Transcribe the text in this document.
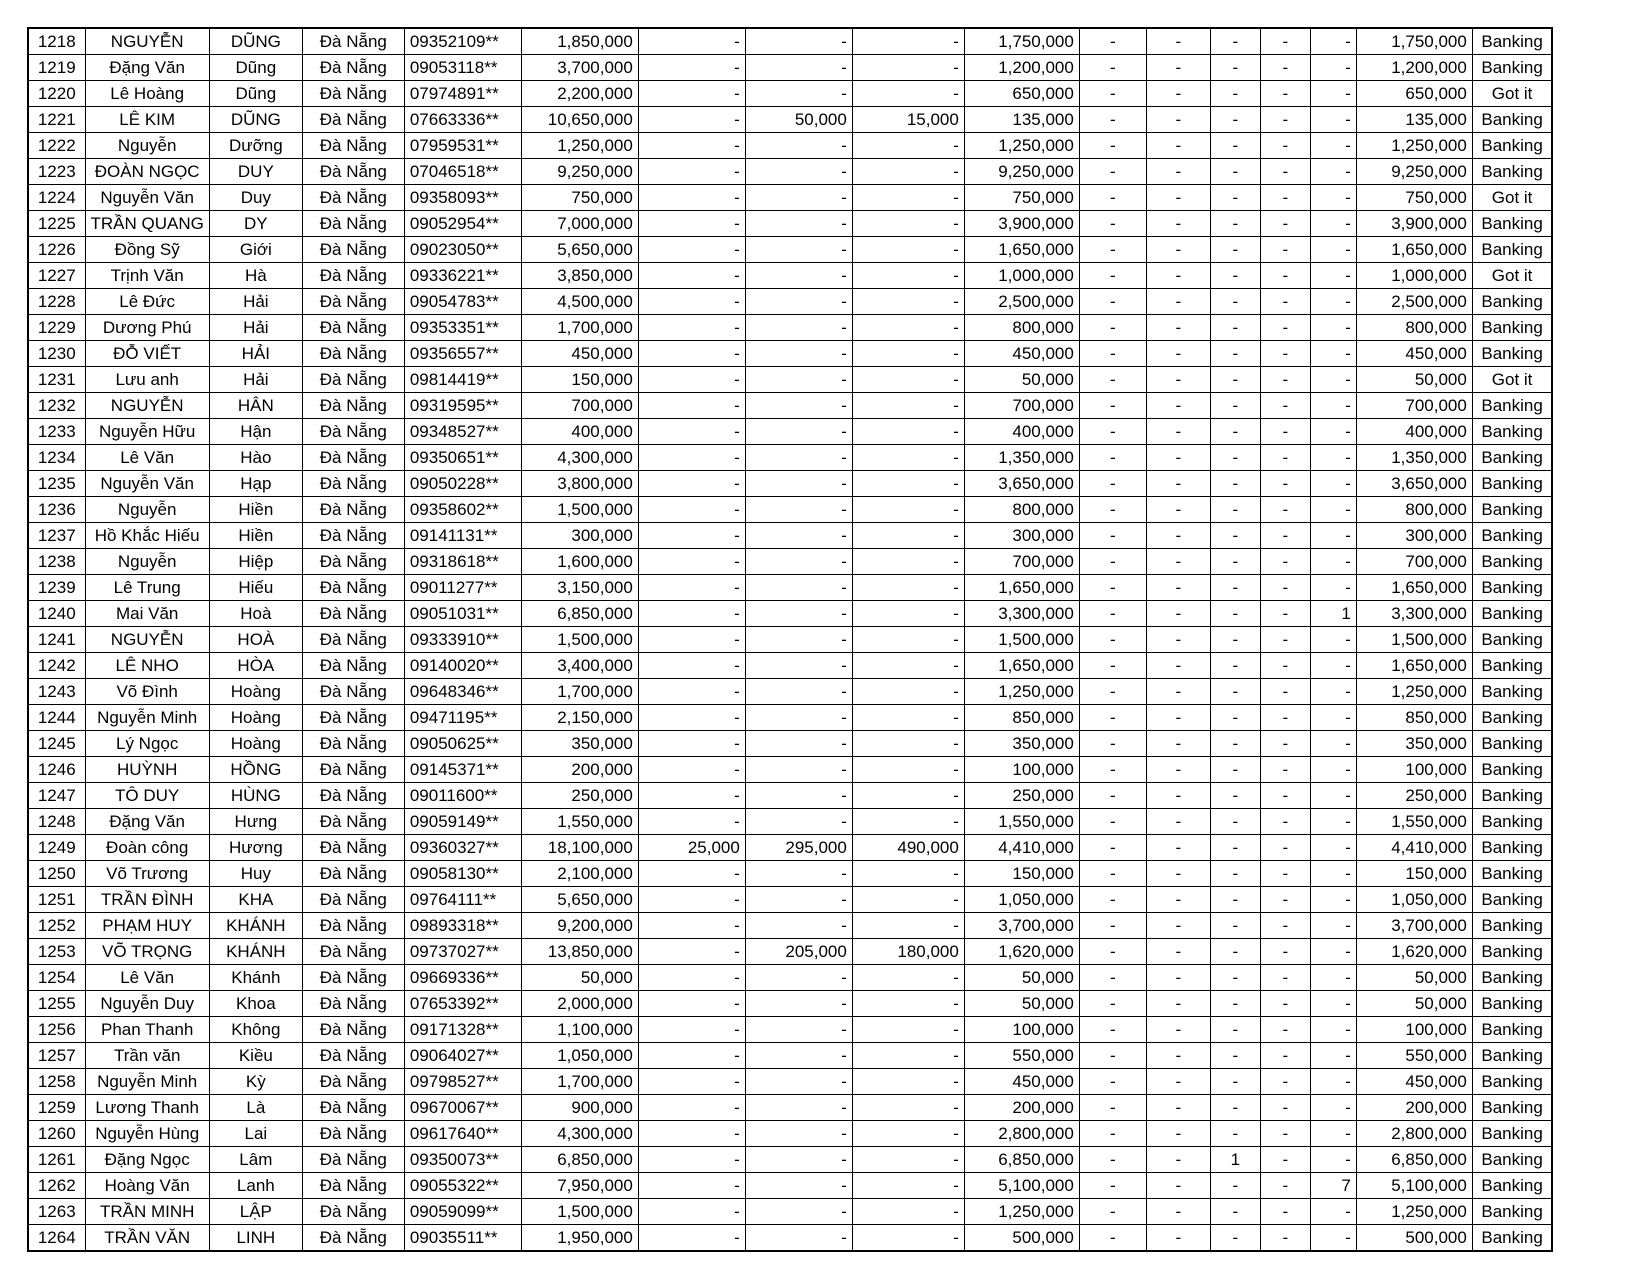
1218	NGUYỄN	DŨNG	Đà Nẵng	09352109**	1,850,000	-	-	-	1,750,000	-	-	-	-	-	1,750,000	Banking
1219	Đặng Văn	Dũng	Đà Nẵng	09053118**	3,700,000	-	-	-	1,200,000	-	-	-	-	-	1,200,000	Banking
1220	Lê Hoàng	Dũng	Đà Nẵng	07974891**	2,200,000	-	-	-	650,000	-	-	-	-	-	650,000	Got it
1221	LÊ KIM	DŨNG	Đà Nẵng	07663336**	10,650,000	-	50,000	15,000	135,000	-	-	-	-	-	135,000	Banking
1222	Nguyễn	Dưỡng	Đà Nẵng	07959531**	1,250,000	-	-	-	1,250,000	-	-	-	-	-	1,250,000	Banking
1223	ĐOÀN NGỌC	DUY	Đà Nẵng	07046518**	9,250,000	-	-	-	9,250,000	-	-	-	-	-	9,250,000	Banking
1224	Nguyễn Văn	Duy	Đà Nẵng	09358093**	750,000	-	-	-	750,000	-	-	-	-	-	750,000	Got it
1225	TRẦN QUANG	DY	Đà Nẵng	09052954**	7,000,000	-	-	-	3,900,000	-	-	-	-	-	3,900,000	Banking
1226	Đồng Sỹ	Giới	Đà Nẵng	09023050**	5,650,000	-	-	-	1,650,000	-	-	-	-	-	1,650,000	Banking
1227	Trịnh Văn	Hà	Đà Nẵng	09336221**	3,850,000	-	-	-	1,000,000	-	-	-	-	-	1,000,000	Got it
1228	Lê Đức	Hải	Đà Nẵng	09054783**	4,500,000	-	-	-	2,500,000	-	-	-	-	-	2,500,000	Banking
1229	Dương Phú	Hải	Đà Nẵng	09353351**	1,700,000	-	-	-	800,000	-	-	-	-	-	800,000	Banking
1230	ĐỖ VIẾT	HẢI	Đà Nẵng	09356557**	450,000	-	-	-	450,000	-	-	-	-	-	450,000	Banking
1231	Lưu anh	Hải	Đà Nẵng	09814419**	150,000	-	-	-	50,000	-	-	-	-	-	50,000	Got it
1232	NGUYỄN	HÂN	Đà Nẵng	09319595**	700,000	-	-	-	700,000	-	-	-	-	-	700,000	Banking
1233	Nguyễn Hữu	Hận	Đà Nẵng	09348527**	400,000	-	-	-	400,000	-	-	-	-	-	400,000	Banking
1234	Lê Văn	Hào	Đà Nẵng	09350651**	4,300,000	-	-	-	1,350,000	-	-	-	-	-	1,350,000	Banking
1235	Nguyễn Văn	Hạp	Đà Nẵng	09050228**	3,800,000	-	-	-	3,650,000	-	-	-	-	-	3,650,000	Banking
1236	Nguyễn	Hiền	Đà Nẵng	09358602**	1,500,000	-	-	-	800,000	-	-	-	-	-	800,000	Banking
1237	Hồ Khắc Hiếu	Hiền	Đà Nẵng	09141131**	300,000	-	-	-	300,000	-	-	-	-	-	300,000	Banking
1238	Nguyễn	Hiệp	Đà Nẵng	09318618**	1,600,000	-	-	-	700,000	-	-	-	-	-	700,000	Banking
1239	Lê Trung	Hiếu	Đà Nẵng	09011277**	3,150,000	-	-	-	1,650,000	-	-	-	-	-	1,650,000	Banking
1240	Mai Văn	Hoà	Đà Nẵng	09051031**	6,850,000	-	-	-	3,300,000	-	-	-	-	1	3,300,000	Banking
1241	NGUYỄN	HOÀ	Đà Nẵng	09333910**	1,500,000	-	-	-	1,500,000	-	-	-	-	-	1,500,000	Banking
1242	LÊ NHO	HÒA	Đà Nẵng	09140020**	3,400,000	-	-	-	1,650,000	-	-	-	-	-	1,650,000	Banking
1243	Võ Đình	Hoàng	Đà Nẵng	09648346**	1,700,000	-	-	-	1,250,000	-	-	-	-	-	1,250,000	Banking
1244	Nguyễn Minh	Hoàng	Đà Nẵng	09471195**	2,150,000	-	-	-	850,000	-	-	-	-	-	850,000	Banking
1245	Lý Ngọc	Hoàng	Đà Nẵng	09050625**	350,000	-	-	-	350,000	-	-	-	-	-	350,000	Banking
1246	HUỲNH	HỒNG	Đà Nẵng	09145371**	200,000	-	-	-	100,000	-	-	-	-	-	100,000	Banking
1247	TÔ DUY	HÙNG	Đà Nẵng	09011600**	250,000	-	-	-	250,000	-	-	-	-	-	250,000	Banking
1248	Đặng Văn	Hưng	Đà Nẵng	09059149**	1,550,000	-	-	-	1,550,000	-	-	-	-	-	1,550,000	Banking
1249	Đoàn công	Hương	Đà Nẵng	09360327**	18,100,000	25,000	295,000	490,000	4,410,000	-	-	-	-	-	4,410,000	Banking
1250	Võ Trương	Huy	Đà Nẵng	09058130**	2,100,000	-	-	-	150,000	-	-	-	-	-	150,000	Banking
1251	TRẦN ĐÌNH	KHA	Đà Nẵng	09764111**	5,650,000	-	-	-	1,050,000	-	-	-	-	-	1,050,000	Banking
1252	PHẠM HUY	KHÁNH	Đà Nẵng	09893318**	9,200,000	-	-	-	3,700,000	-	-	-	-	-	3,700,000	Banking
1253	VÕ TRỌNG	KHÁNH	Đà Nẵng	09737027**	13,850,000	-	205,000	180,000	1,620,000	-	-	-	-	-	1,620,000	Banking
1254	Lê Văn	Khánh	Đà Nẵng	09669336**	50,000	-	-	-	50,000	-	-	-	-	-	50,000	Banking
1255	Nguyễn Duy	Khoa	Đà Nẵng	07653392**	2,000,000	-	-	-	50,000	-	-	-	-	-	50,000	Banking
1256	Phan Thanh	Không	Đà Nẵng	09171328**	1,100,000	-	-	-	100,000	-	-	-	-	-	100,000	Banking
1257	Trần văn	Kiều	Đà Nẵng	09064027**	1,050,000	-	-	-	550,000	-	-	-	-	-	550,000	Banking
1258	Nguyễn Minh	Kỳ	Đà Nẵng	09798527**	1,700,000	-	-	-	450,000	-	-	-	-	-	450,000	Banking
1259	Lương Thanh	Là	Đà Nẵng	09670067**	900,000	-	-	-	200,000	-	-	-	-	-	200,000	Banking
1260	Nguyễn Hùng	Lai	Đà Nẵng	09617640**	4,300,000	-	-	-	2,800,000	-	-	-	-	-	2,800,000	Banking
1261	Đặng Ngọc	Lâm	Đà Nẵng	09350073**	6,850,000	-	-	-	6,850,000	-	-	1	-	-	6,850,000	Banking
1262	Hoàng Văn	Lanh	Đà Nẵng	09055322**	7,950,000	-	-	-	5,100,000	-	-	-	-	7	5,100,000	Banking
1263	TRẦN MINH	LẬP	Đà Nẵng	09059099**	1,500,000	-	-	-	1,250,000	-	-	-	-	-	1,250,000	Banking
1264	TRẦN VĂN	LINH	Đà Nẵng	09035511**	1,950,000	-	-	-	500,000	-	-	-	-	-	500,000	Banking
